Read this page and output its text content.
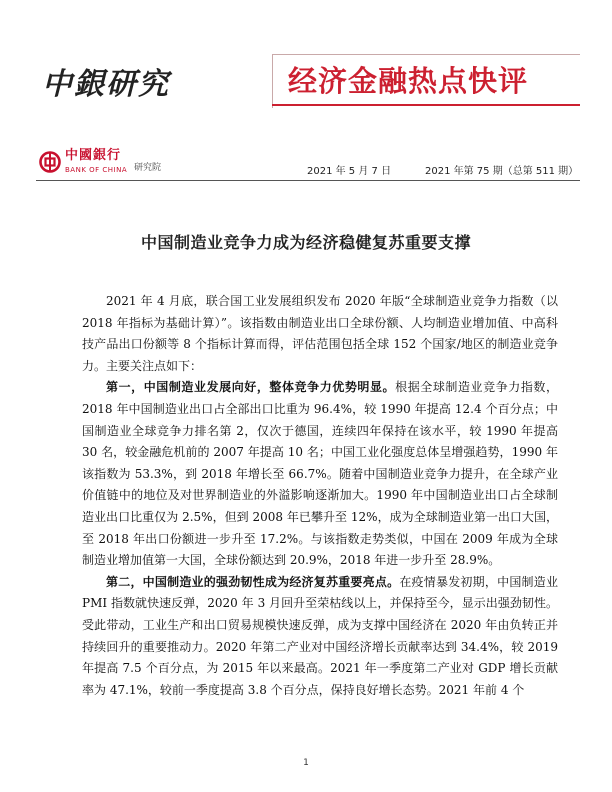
中銀研究	经济金融热点快评
中國銀行
BANK OF CHINA 研究院	2021 年 5 月 7 日	2021 年第 75 期（总第 511 期）
中国制造业竞争力成为经济稳健复苏重要支撑

2021 年 4 月底，联合国工业发展组织发布 2020 年版“全球制造业竞争力指数（以 2018 年指标为基础计算）”。该指数由制造业出口全球份额、人均制造业增加值、中高科技产品出口份额等 8 个指标计算而得，评估范围包括全球 152 个国家/地区的制造业竞争力。主要关注点如下：

第一，中国制造业发展向好，整体竞争力优势明显。根据全球制造业竞争力指数，2018 年中国制造业出口占全部出口比重为 96.4%，较 1990 年提高 12.4 个百分点；中国制造业全球竞争力排名第 2，仅次于德国，连续四年保持在该水平，较 1990 年提高 30 名，较金融危机前的 2007 年提高 10 名；中国工业化强度总体呈增强趋势，1990 年该指数为 53.3%，到 2018 年增长至 66.7%。随着中国制造业竞争力提升，在全球产业价值链中的地位及对世界制造业的外溢影响逐渐加大。1990 年中国制造业出口占全球制造业出口比重仅为 2.5%，但到 2008 年已攀升至 12%，成为全球制造业第一出口大国，至 2018 年出口份额进一步升至 17.2%。与该指数走势类似，中国在 2009 年成为全球制造业增加值第一大国，全球份额达到 20.9%，2018 年进一步升至 28.9%。

第二，中国制造业的强劲韧性成为经济复苏重要亮点。在疫情暴发初期，中国制造业 PMI 指数就快速反弹，2020 年 3 月回升至荣枯线以上，并保持至今，显示出强劲韧性。受此带动，工业生产和出口贸易规模快速反弹，成为支撑中国经济在 2020 年由负转正并持续回升的重要推动力。2020 年第二产业对中国经济增长贡献率达到 34.4%，较 2019 年提高 7.5 个百分点，为 2015 年以来最高。2021 年一季度第二产业对 GDP 增长贡献率为 47.1%，较前一季度提高 3.8 个百分点，保持良好增长态势。2021 年前 4 个

1
